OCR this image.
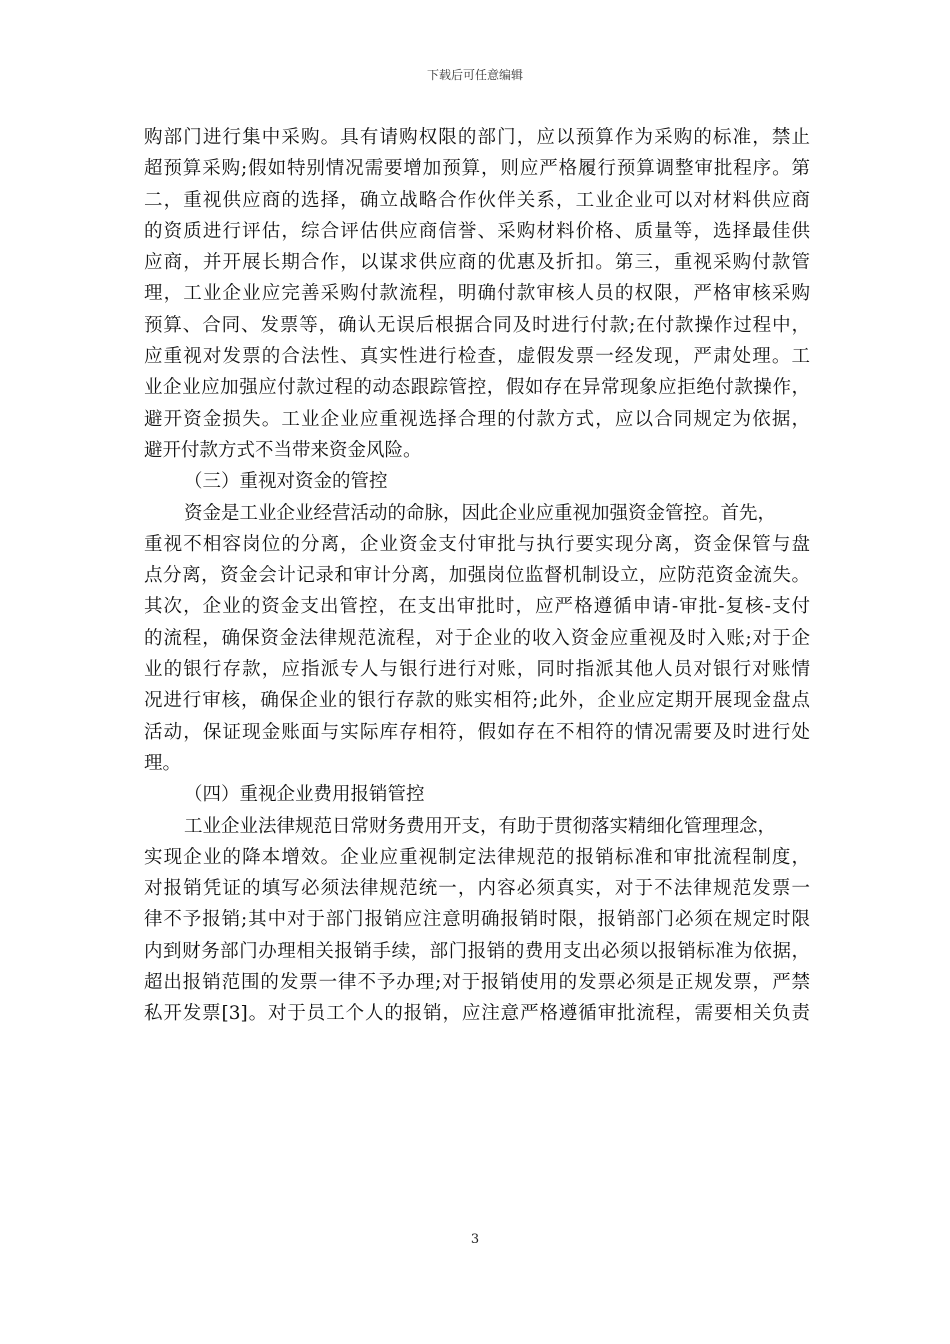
下载后可任意编辑
购部门进行集中采购。具有请购权限的部门，应以预算作为采购的标准，禁止
超预算采购;假如特别情况需要增加预算，则应严格履行预算调整审批程序。第
二，重视供应商的选择，确立战略合作伙伴关系，工业企业可以对材料供应商
的资质进行评估，综合评估供应商信誉、采购材料价格、质量等，选择最佳供
应商，并开展长期合作，以谋求供应商的优惠及折扣。第三，重视采购付款管
理，工业企业应完善采购付款流程，明确付款审核人员的权限，严格审核采购
预算、合同、发票等，确认无误后根据合同及时进行付款;在付款操作过程中，
应重视对发票的合法性、真实性进行检查，虚假发票一经发现，严肃处理。工
业企业应加强应付款过程的动态跟踪管控，假如存在异常现象应拒绝付款操作，
避开资金损失。工业企业应重视选择合理的付款方式，应以合同规定为依据，
避开付款方式不当带来资金风险。
（三）重视对资金的管控
资金是工业企业经营活动的命脉，因此企业应重视加强资金管控。首先，
重视不相容岗位的分离，企业资金支付审批与执行要实现分离，资金保管与盘
点分离，资金会计记录和审计分离，加强岗位监督机制设立，应防范资金流失。
其次，企业的资金支出管控，在支出审批时，应严格遵循申请-审批-复核-支付
的流程，确保资金法律规范流程，对于企业的收入资金应重视及时入账;对于企
业的银行存款，应指派专人与银行进行对账，同时指派其他人员对银行对账情
况进行审核，确保企业的银行存款的账实相符;此外，企业应定期开展现金盘点
活动，保证现金账面与实际库存相符，假如存在不相符的情况需要及时进行处
理。
（四）重视企业费用报销管控
工业企业法律规范日常财务费用开支，有助于贯彻落实精细化管理理念，
实现企业的降本增效。企业应重视制定法律规范的报销标准和审批流程制度，
对报销凭证的填写必须法律规范统一，内容必须真实，对于不法律规范发票一
律不予报销;其中对于部门报销应注意明确报销时限，报销部门必须在规定时限
内到财务部门办理相关报销手续，部门报销的费用支出必须以报销标准为依据，
超出报销范围的发票一律不予办理;对于报销使用的发票必须是正规发票，严禁
私开发票[3]。对于员工个人的报销，应注意严格遵循审批流程，需要相关负责
3
